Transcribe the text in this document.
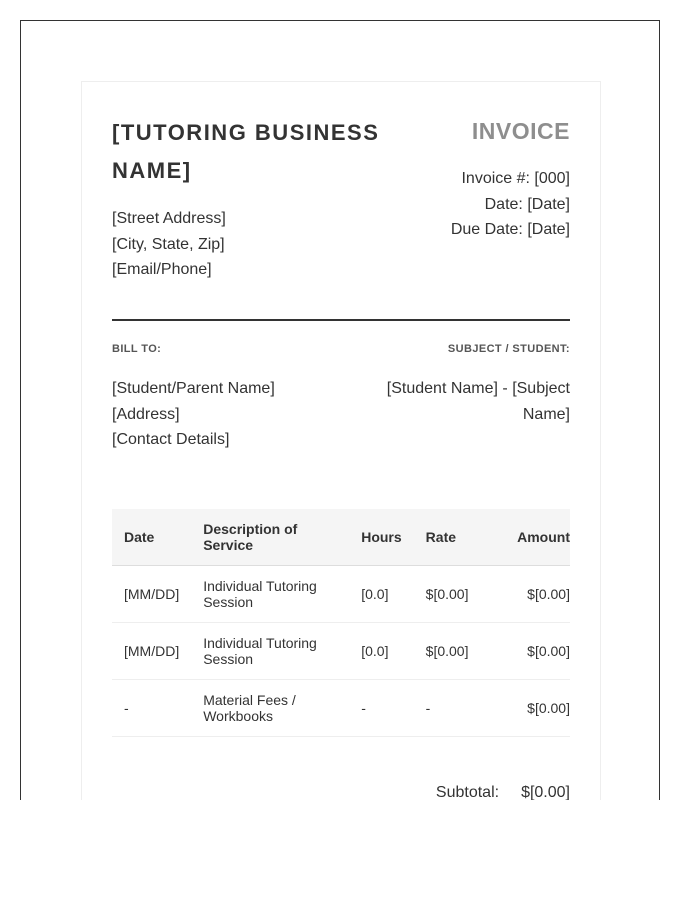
[TUTORING BUSINESS NAME]
[Street Address]
[City, State, Zip]
[Email/Phone]
INVOICE
Invoice #: [000]
Date: [Date]
Due Date: [Date]
BILL TO:	SUBJECT / STUDENT:
[Student/Parent Name]
[Address]
[Contact Details]
[Student Name] - [Subject Name]
Date	Description of Service	Hours	Rate	Amount
[MM/DD]	Individual Tutoring Session	[0.0]	$[0.00]	$[0.00]
[MM/DD]	Individual Tutoring Session	[0.0]	$[0.00]	$[0.00]
-	Material Fees / Workbooks	-	-	$[0.00]
Subtotal: $[0.00]
